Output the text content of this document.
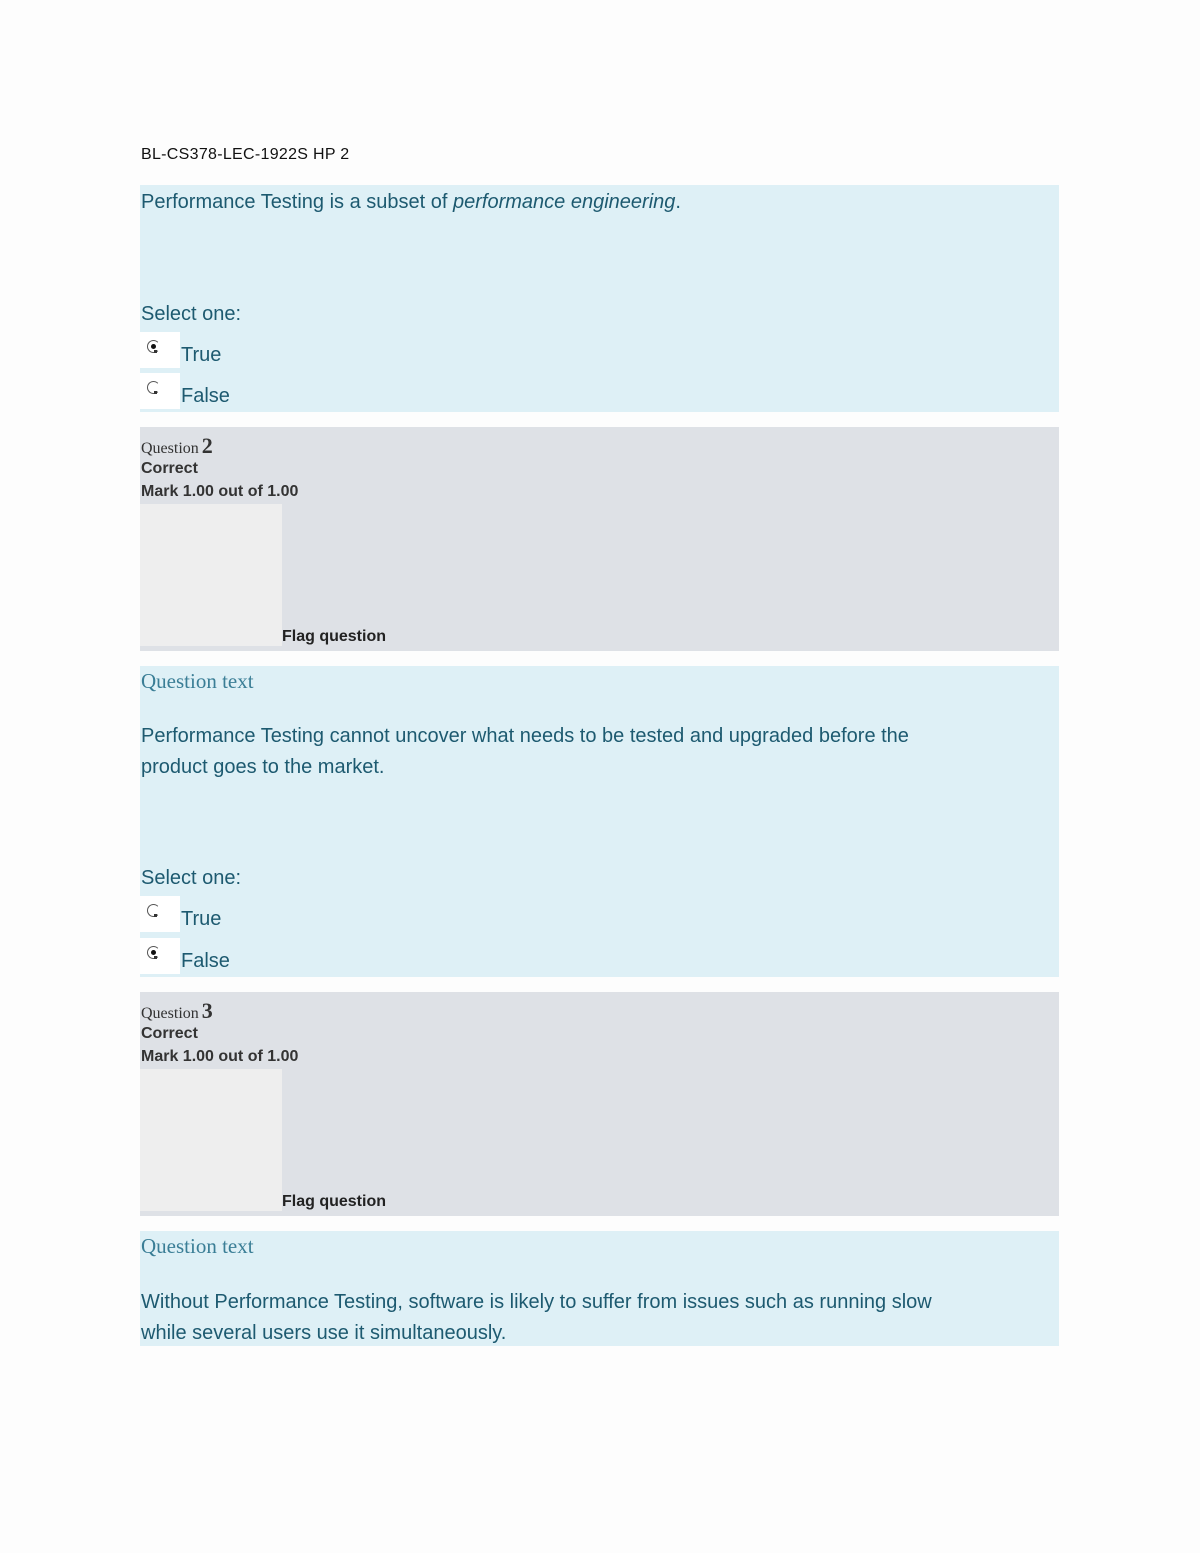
BL-CS378-LEC-1922S HP 2
Performance Testing is a subset of performance engineering.
Select one:
True
False
Question 2
Correct
Mark 1.00 out of 1.00
Flag question
Question text
Performance Testing cannot uncover what needs to be tested and upgraded before the
product goes to the market.
Select one:
True
False
Question 3
Correct
Mark 1.00 out of 1.00
Flag question
Question text
Without Performance Testing, software is likely to suffer from issues such as running slow
while several users use it simultaneously.
